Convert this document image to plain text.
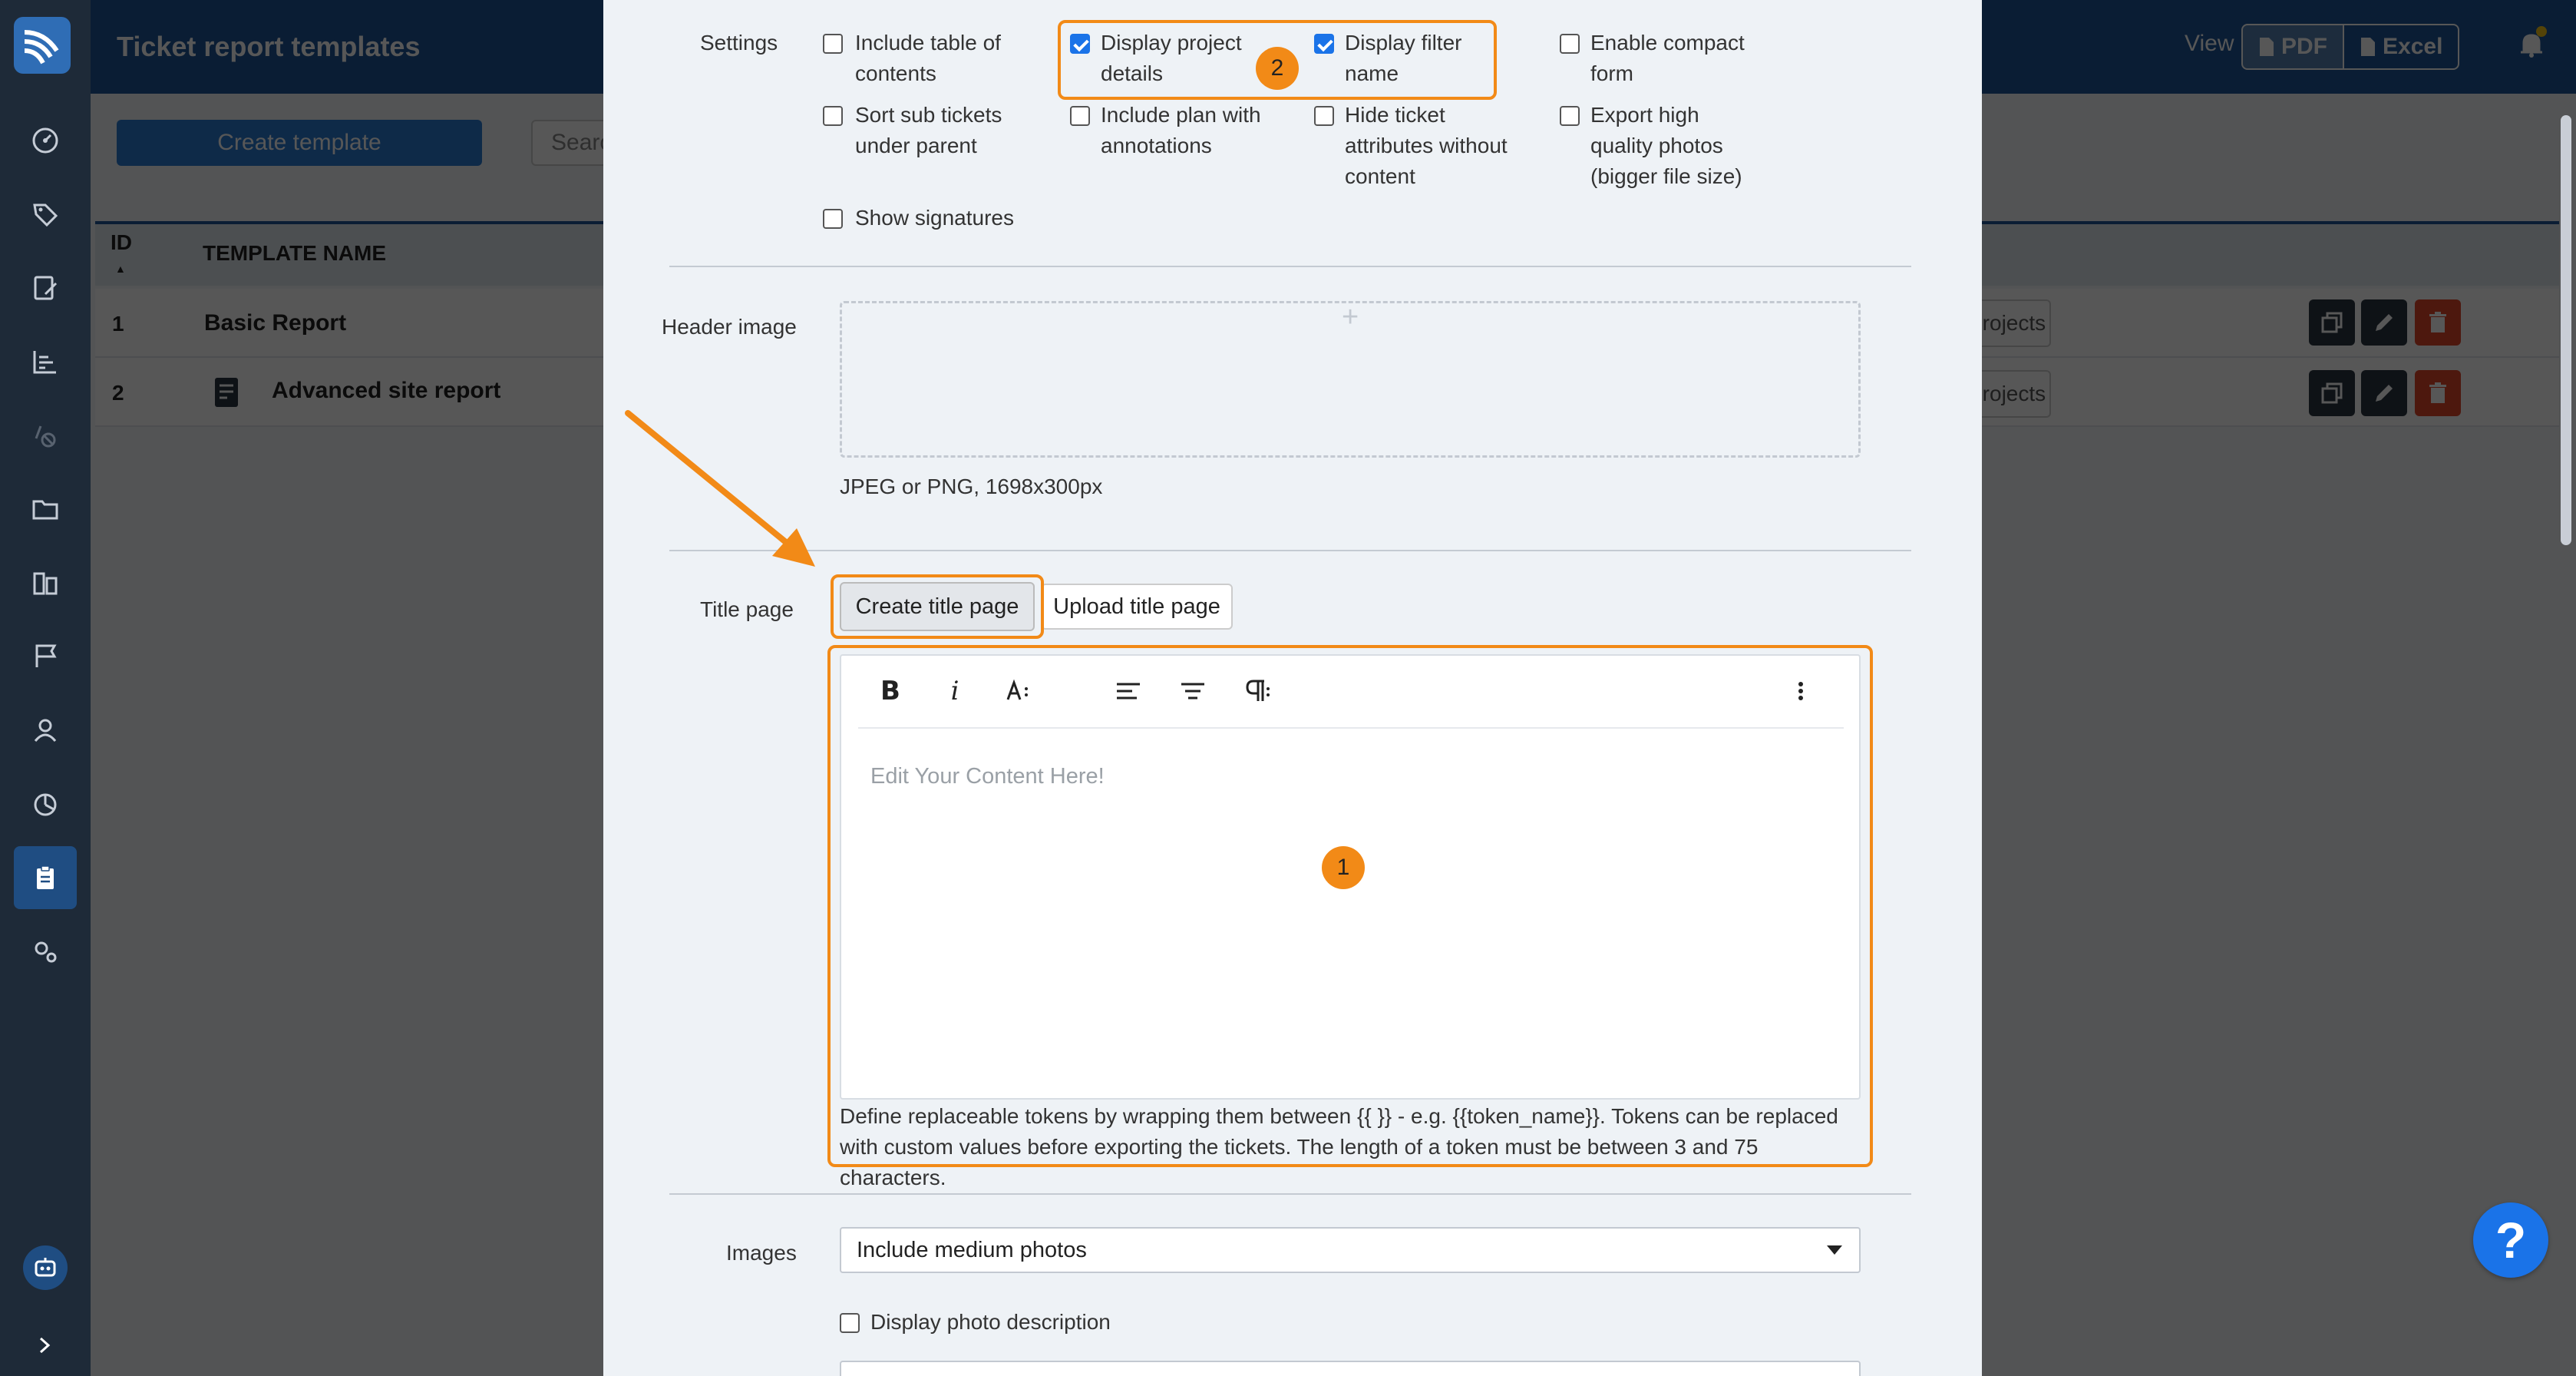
Settings	Include table of contents
Display project details
Display filter name
Enable compact form
Sort sub tickets under parent
Include plan with annotations
Hide ticket attributes without content
Export high quality photos (bigger file size)
Show signatures
2
Header image	+
JPEG or PNG, 1698x300px
Title page	Create title page	Upload title page
B i
Edit Your Content Here!
Define replaceable tokens by wrapping them between {{ }} - e.g. {{token_name}}. Tokens can be replaced with custom values before exporting the tickets. The length of a token must be between 3 and 75 characters.
1
Images	Include medium photos
Display photo description
?
